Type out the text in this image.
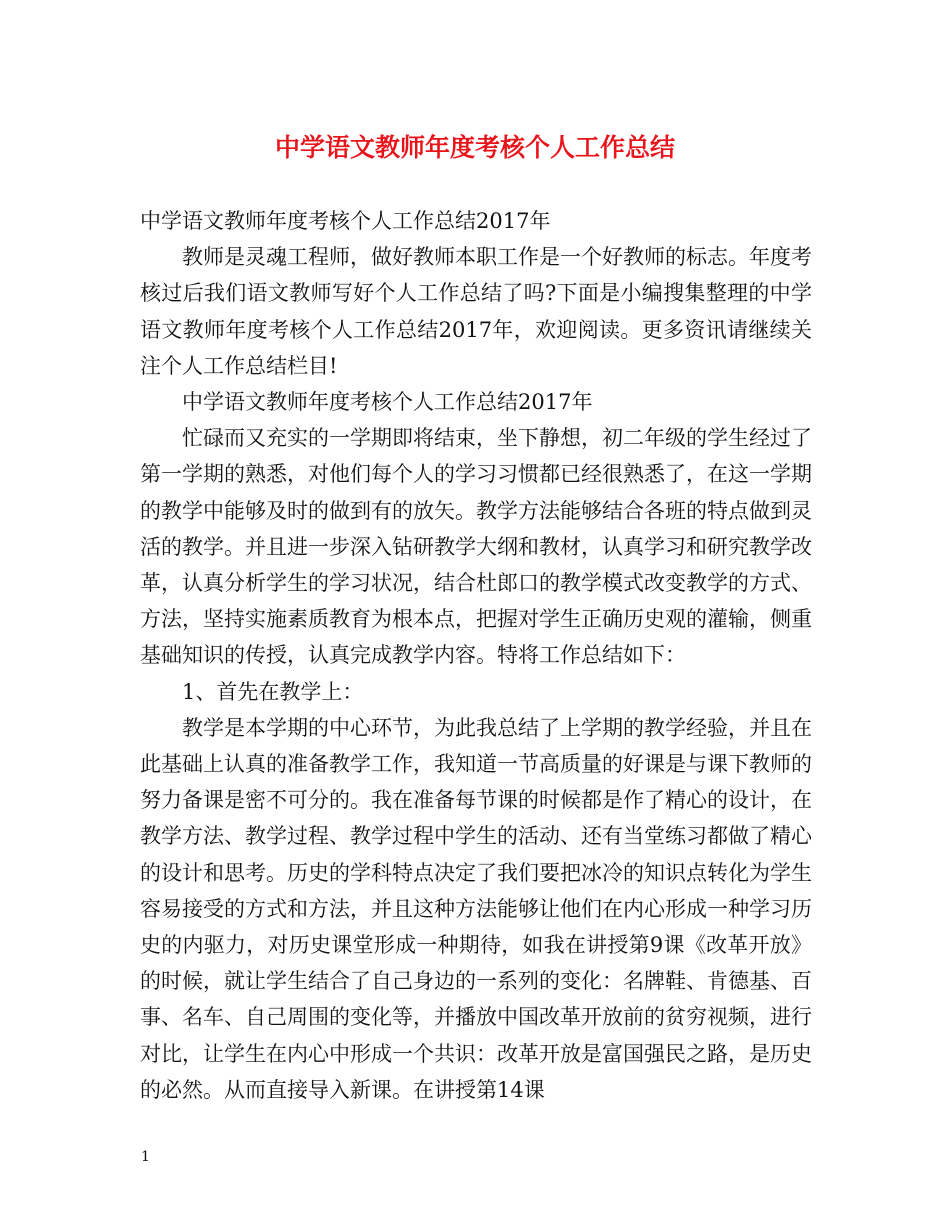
中学语文教师年度考核个人工作总结

中学语文教师年度考核个人工作总结2017年

教师是灵魂工程师，做好教师本职工作是一个好教师的标志。年度考核过后我们语文教师写好个人工作总结了吗?下面是小编搜集整理的中学语文教师年度考核个人工作总结2017年，欢迎阅读。更多资讯请继续关注个人工作总结栏目!

中学语文教师年度考核个人工作总结2017年

忙碌而又充实的一学期即将结束，坐下静想，初二年级的学生经过了第一学期的熟悉，对他们每个人的学习习惯都已经很熟悉了，在这一学期的教学中能够及时的做到有的放矢。教学方法能够结合各班的特点做到灵活的教学。并且进一步深入钻研教学大纲和教材，认真学习和研究教学改革，认真分析学生的学习状况，结合杜郎口的教学模式改变教学的方式、方法，坚持实施素质教育为根本点，把握对学生正确历史观的灌输，侧重基础知识的传授，认真完成教学内容。特将工作总结如下：

1、首先在教学上：

教学是本学期的中心环节，为此我总结了上学期的教学经验，并且在此基础上认真的准备教学工作，我知道一节高质量的好课是与课下教师的努力备课是密不可分的。我在准备每节课的时候都是作了精心的设计，在教学方法、教学过程、教学过程中学生的活动、还有当堂练习都做了精心的设计和思考。历史的学科特点决定了我们要把冰冷的知识点转化为学生容易接受的方式和方法，并且这种方法能够让他们在内心形成一种学习历史的内驱力，对历史课堂形成一种期待，如我在讲授第9课《改革开放》的时候，就让学生结合了自己身边的一系列的变化：名牌鞋、肯德基、百事、名车、自己周围的变化等，并播放中国改革开放前的贫穷视频，进行对比，让学生在内心中形成一个共识：改革开放是富国强民之路，是历史的必然。从而直接导入新课。在讲授第14课

1
